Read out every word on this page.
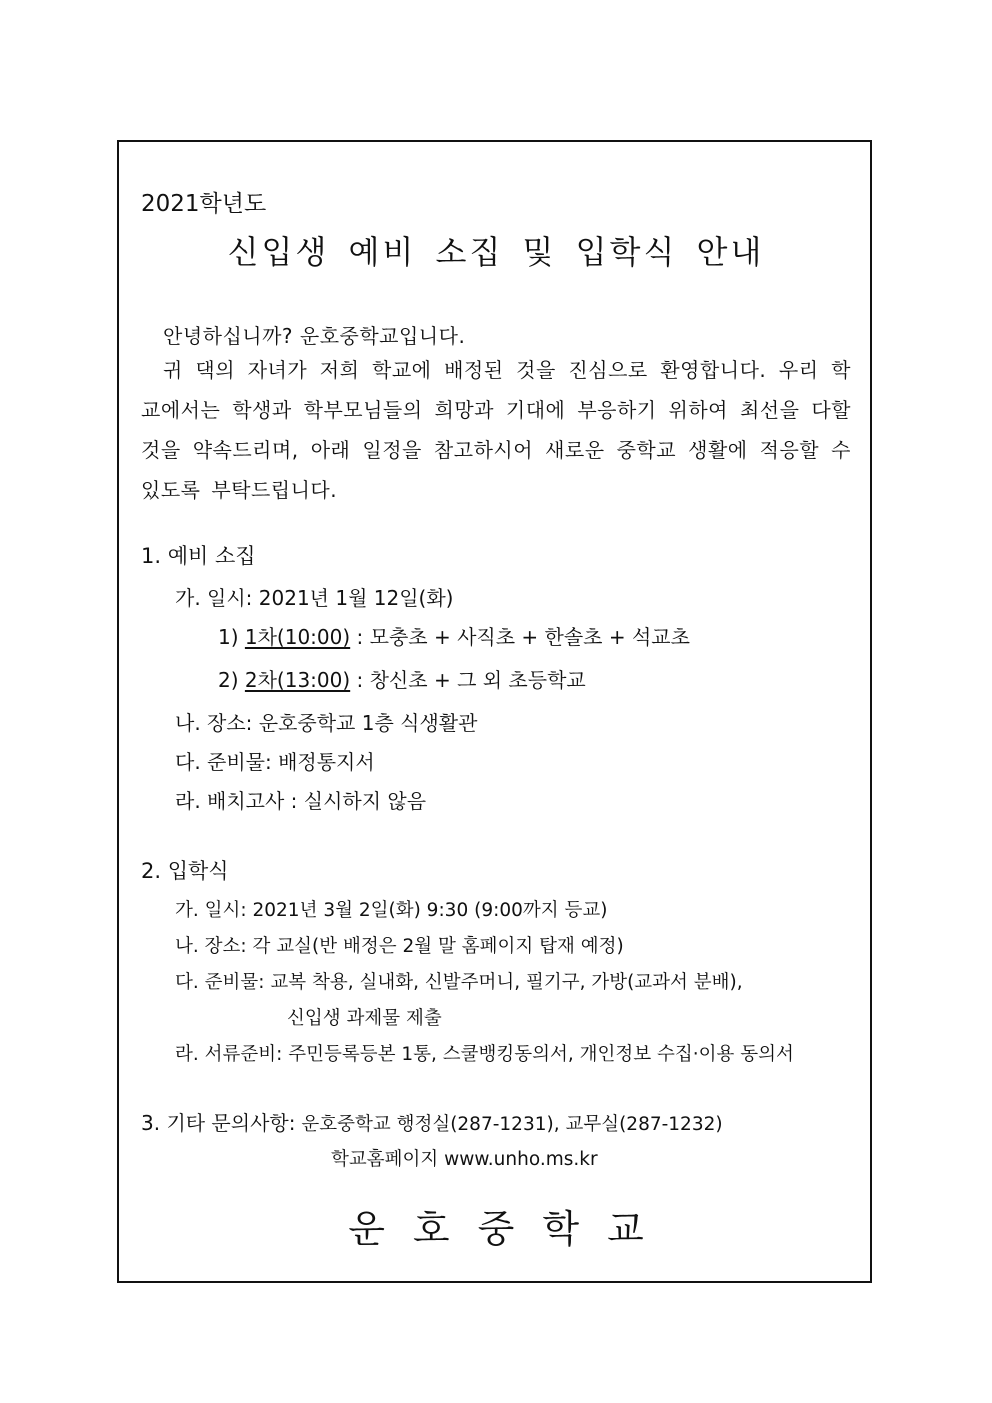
2021학년도
신입생 예비 소집 및 입학식 안내
안녕하십니까? 운호중학교입니다.
귀 댁의 자녀가 저희 학교에 배정된 것을 진심으로 환영합니다. 우리 학교에서는 학생과 학부모님들의 희망과 기대에 부응하기 위하여 최선을 다할 것을 약속드리며, 아래 일정을 참고하시어 새로운 중학교 생활에 적응할 수 있도록 부탁드립니다.
1. 예비 소집
가. 일시: 2021년 1월 12일(화)
1) 1차(10:00) : 모충초 + 사직초 + 한솔초 + 석교초
2) 2차(13:00) : 창신초 + 그 외 초등학교
나. 장소: 운호중학교 1층 식생활관
다. 준비물: 배정통지서
라. 배치고사 : 실시하지 않음
2. 입학식
가. 일시: 2021년 3월 2일(화) 9:30 (9:00까지 등교)
나. 장소: 각 교실(반 배정은 2월 말 홈페이지 탑재 예정)
다. 준비물: 교복 착용, 실내화, 신발주머니, 필기구, 가방(교과서 분배),
신입생 과제물 제출
라. 서류준비: 주민등록등본 1통, 스쿨뱅킹동의서, 개인정보 수집·이용 동의서
3. 기타 문의사항: 운호중학교 행정실(287-1231), 교무실(287-1232)
학교홈페이지 www.unho.ms.kr
운호중학교
